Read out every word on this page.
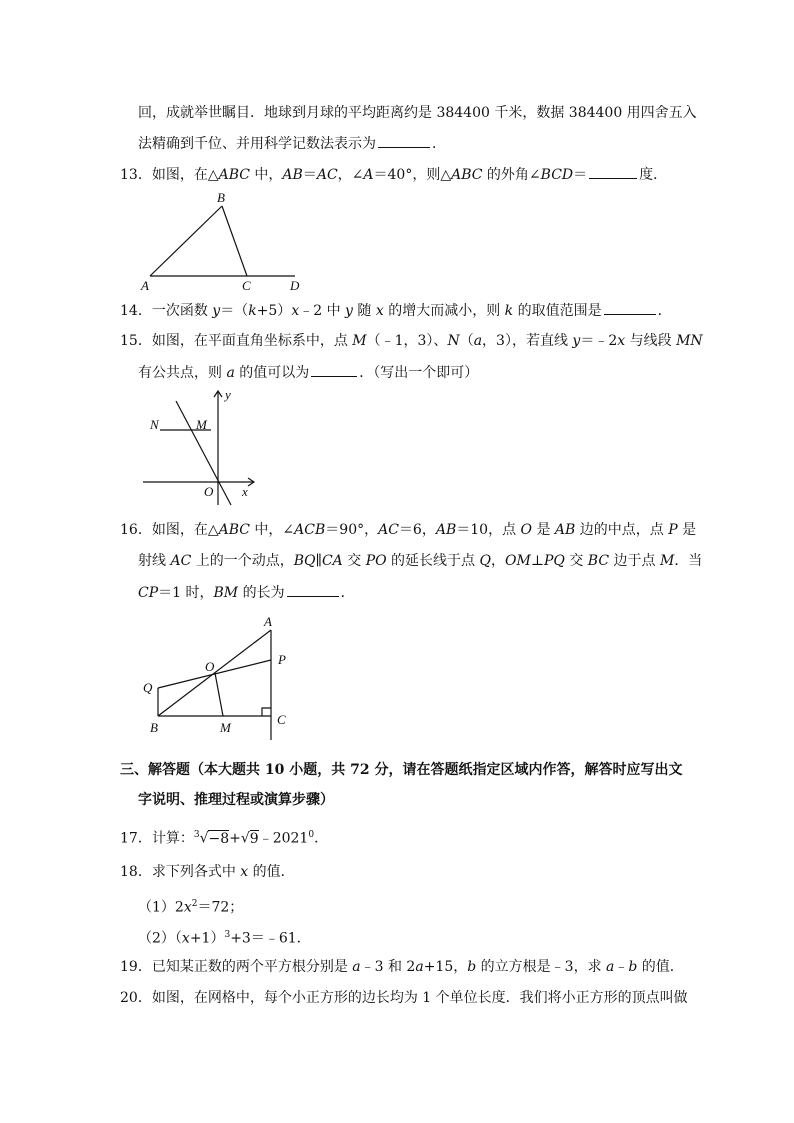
回，成就举世瞩目．地球到月球的平均距离约是 384400 千米，数据 384400 用四舍五入
法精确到千位、并用科学记数法表示为	．
13．如图，在△ABC 中，AB＝AC，∠A＝40°，则△ABC 的外角∠BCD＝	度．
B
A	C	D
14．一次函数 y＝（k+5）x﹣2 中 y 随 x 的增大而减小，则 k 的取值范围是	．
15．如图，在平面直角坐标系中，点 M（﹣1，3）、N（a，3），若直线 y＝﹣2x 与线段 MN
有公共点，则 a 的值可以为	．（写出一个即可）
N	M
O x
y
16．如图，在△ABC 中，∠ACB＝90°，AC＝6，AB＝10，点 O 是 AB 边的中点，点 P 是
射线 AC 上的一个动点，BQ∥CA 交 PO 的延长线于点 Q，OM⊥PQ 交 BC 边于点 M．当
CP＝1 时，BM 的长为	．
A
P
O
Q
B	M
C
三、解答题（本大题共 10 小题，共 72 分，请在答题纸指定区域内作答，解答时应写出文
字说明、推理过程或演算步骤）
17．计算：$^3√-8+√9﹣2021^0$．
18．求下列各式中 x 的值．
$(1)2x^2=72$；
$(2)(x+1)^3+3=﹣61$．
19．已知某正数的两个平方根分别是 a﹣3 和 2a+15，b 的立方根是﹣3，求 a﹣b 的值．
20．如图，在网格中，每个小正方形的边长均为 1 个单位长度．我们将小正方形的顶点叫做
